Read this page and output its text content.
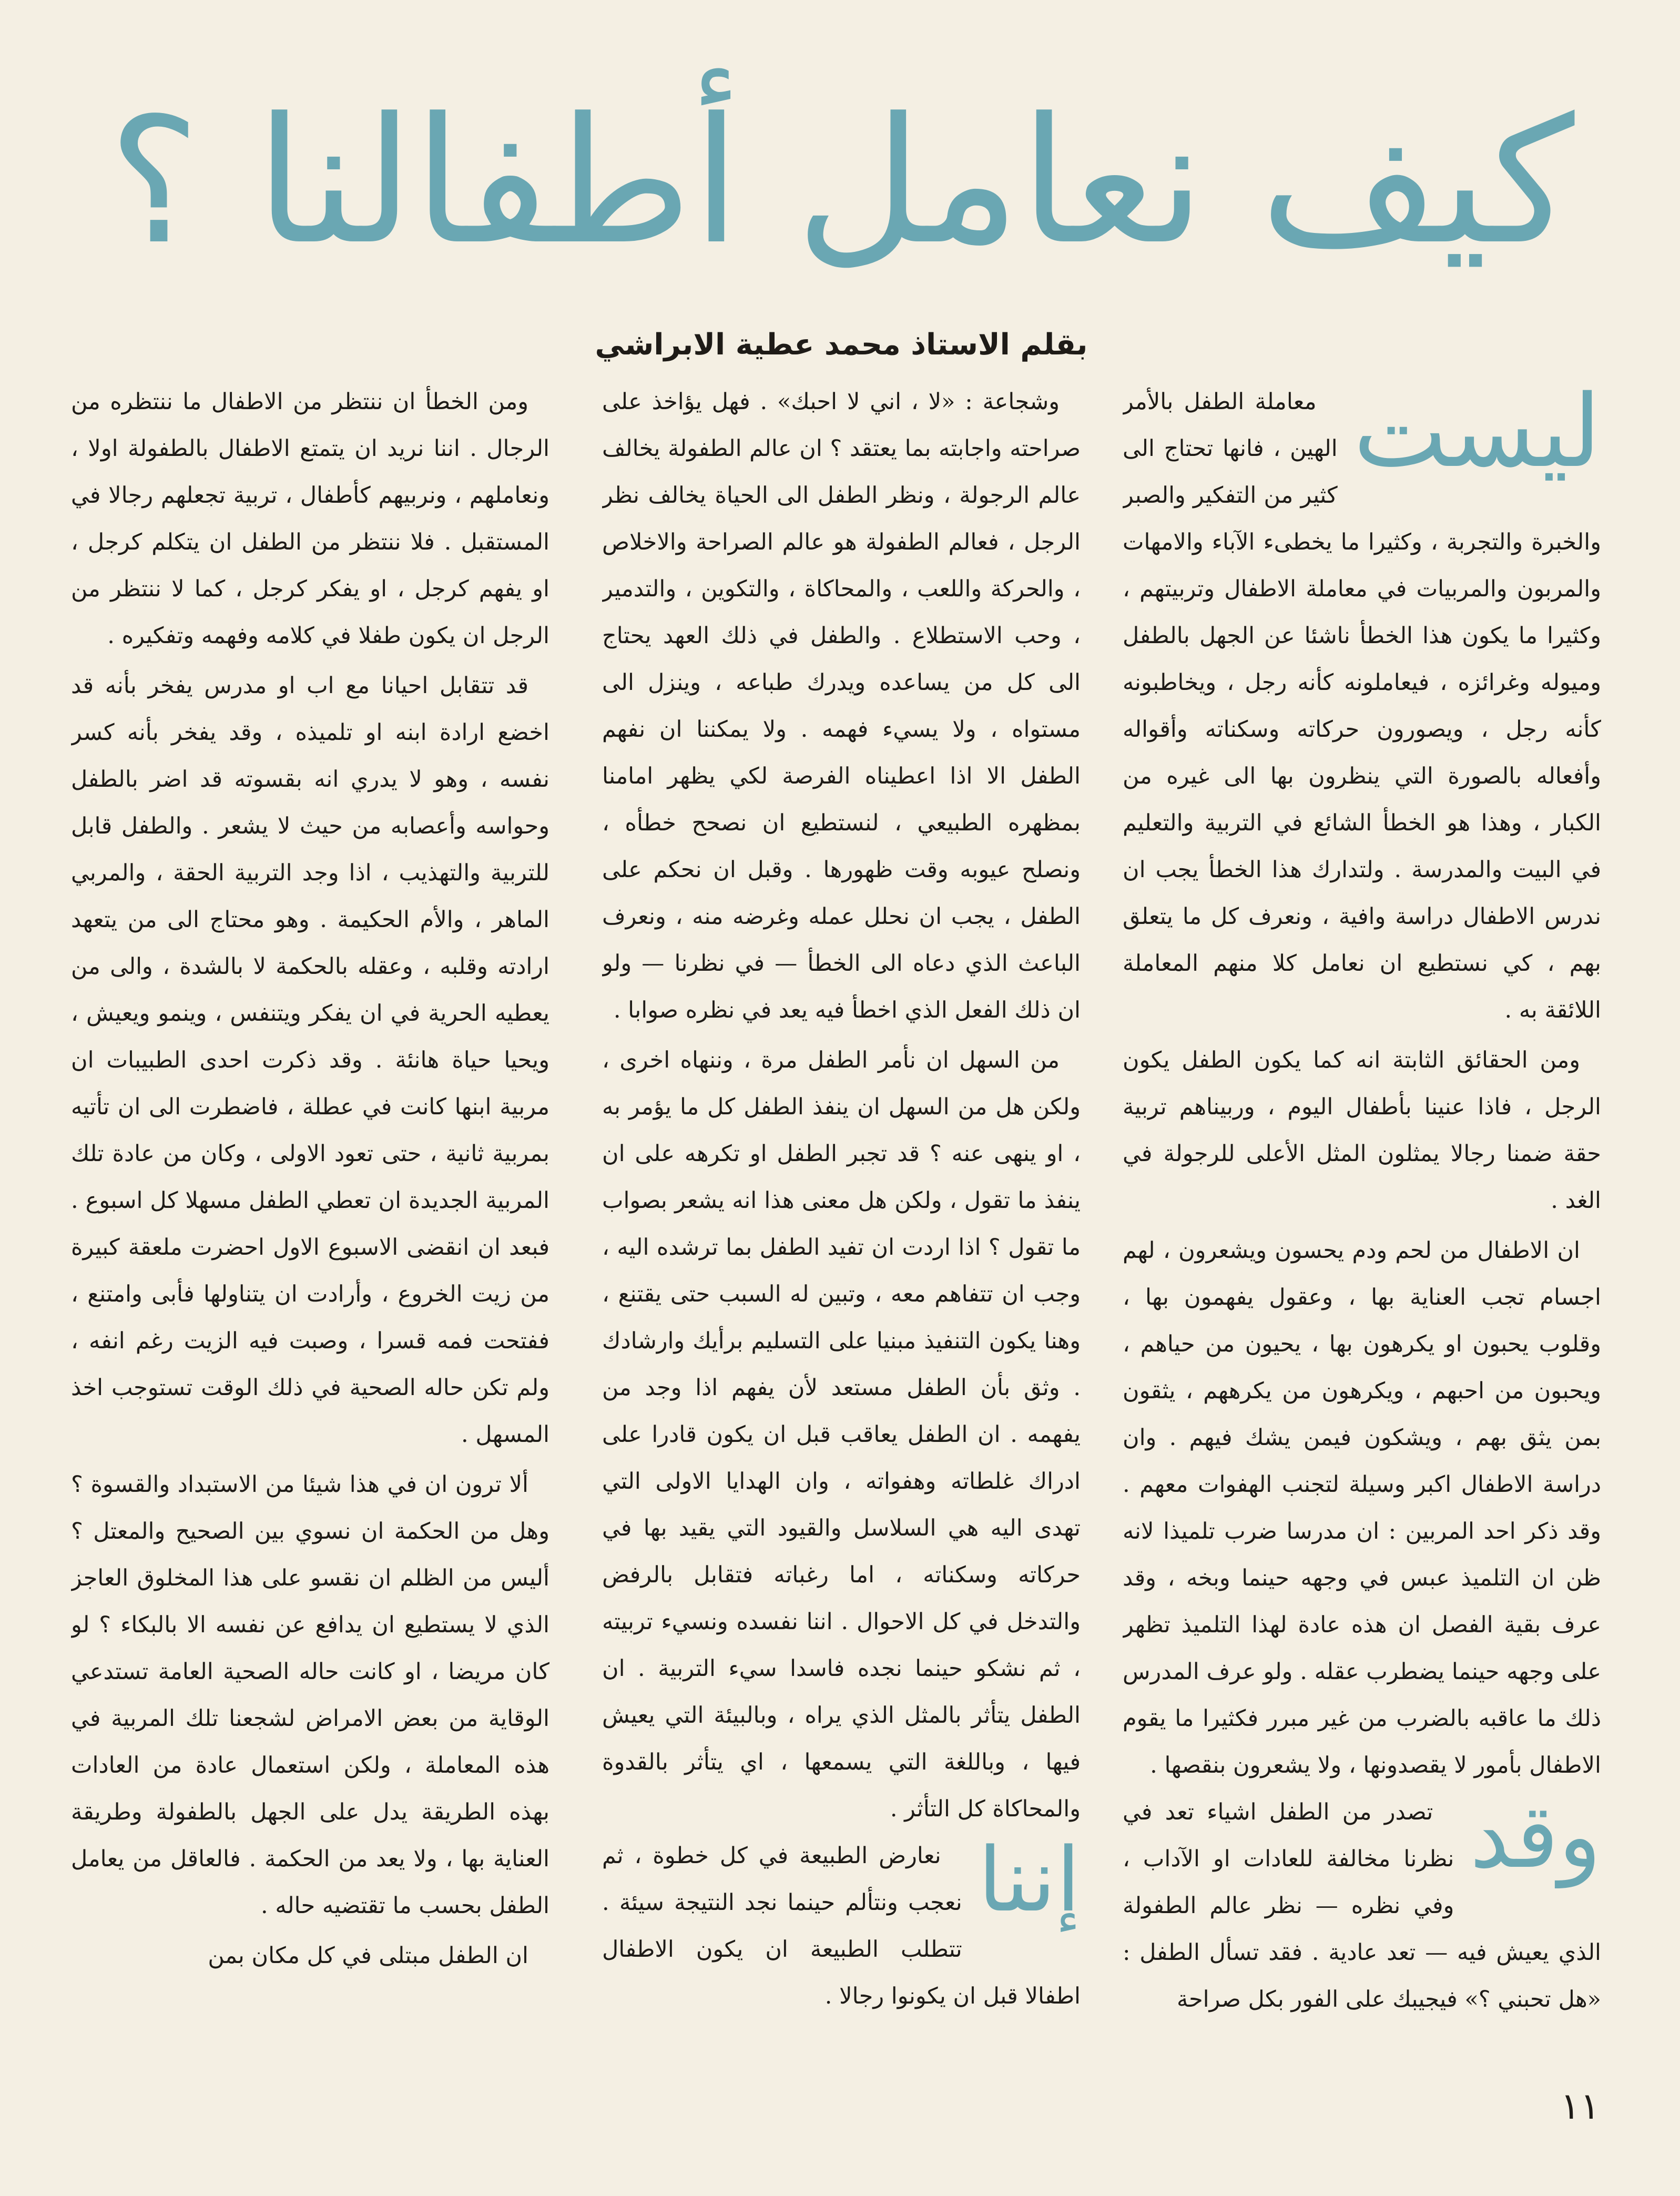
كيف نعامل أطفالنا ؟
بقلم الاستاذ محمد عطية الابراشي
ليست

معاملة الطفل بالأمر الهين ، فانها تحتاج الى كثير من التفكير والصبر والخبرة والتجربة ، وكثيرا ما يخطىء الآباء والامهات والمربون والمربيات في معاملة الاطفال وتربيتهم ، وكثيرا ما يكون هذا الخطأ ناشئا عن الجهل بالطفل وميوله وغرائزه ، فيعاملونه كأنه رجل ، ويخاطبونه كأنه رجل ، ويصورون حركاته وسكناته وأقواله وأفعاله بالصورة التي ينظرون بها الى غيره من الكبار ، وهذا هو الخطأ الشائع في التربية والتعليم في البيت والمدرسة . ولتدارك هذا الخطأ يجب ان ندرس الاطفال دراسة وافية ، ونعرف كل ما يتعلق بهم ، كي نستطيع ان نعامل كلا منهم المعاملة اللائقة به .

ومن الحقائق الثابتة انه كما يكون الطفل يكون الرجل ، فاذا عنينا بأطفال اليوم ، وربيناهم تربية حقة ضمنا رجالا يمثلون المثل الأعلى للرجولة في الغد .

ان الاطفال من لحم ودم يحسون ويشعرون ، لهم اجسام تجب العناية بها ، وعقول يفهمون بها ، وقلوب يحبون او يكرهون بها ، يحيون من حياهم ، ويحبون من احبهم ، ويكرهون من يكرههم ، يثقون بمن يثق بهم ، ويشكون فيمن يشك فيهم . وان دراسة الاطفال اكبر وسيلة لتجنب الهفوات معهم . وقد ذكر احد المربين : ان مدرسا ضرب تلميذا لانه ظن ان التلميذ عبس في وجهه حينما وبخه ، وقد عرف بقية الفصل ان هذه عادة لهذا التلميذ تظهر على وجهه حينما يضطرب عقله . ولو عرف المدرس ذلك ما عاقبه بالضرب من غير مبرر فكثيرا ما يقوم الاطفال بأمور لا يقصدونها ، ولا يشعرون بنقصها .

وقد

تصدر من الطفل اشياء تعد في نظرنا مخالفة للعادات او الآداب ، وفي نظره — نظر عالم الطفولة الذي يعيش فيه — تعد عادية . فقد تسأل الطفل : «هل تحبني ؟» فيجيبك على الفور بكل صراحة

وشجاعة : «لا ، اني لا احبك» . فهل يؤاخذ على صراحته واجابته بما يعتقد ؟ ان عالم الطفولة يخالف عالم الرجولة ، ونظر الطفل الى الحياة يخالف نظر الرجل ، فعالم الطفولة هو عالم الصراحة والاخلاص ، والحركة واللعب ، والمحاكاة ، والتكوين ، والتدمير ، وحب الاستطلاع . والطفل في ذلك العهد يحتاج الى كل من يساعده ويدرك طباعه ، وينزل الى مستواه ، ولا يسيء فهمه . ولا يمكننا ان نفهم الطفل الا اذا اعطيناه الفرصة لكي يظهر امامنا بمظهره الطبيعي ، لنستطيع ان نصحح خطأه ، ونصلح عيوبه وقت ظهورها . وقبل ان نحكم على الطفل ، يجب ان نحلل عمله وغرضه منه ، ونعرف الباعث الذي دعاه الى الخطأ — في نظرنا — ولو ان ذلك الفعل الذي اخطأ فيه يعد في نظره صوابا .

من السهل ان نأمر الطفل مرة ، وننهاه اخرى ، ولكن هل من السهل ان ينفذ الطفل كل ما يؤمر به ، او ينهى عنه ؟ قد تجبر الطفل او تكرهه على ان ينفذ ما تقول ، ولكن هل معنى هذا انه يشعر بصواب ما تقول ؟ اذا اردت ان تفيد الطفل بما ترشده اليه ، وجب ان تتفاهم معه ، وتبين له السبب حتى يقتنع ، وهنا يكون التنفيذ مبنيا على التسليم برأيك وارشادك . وثق بأن الطفل مستعد لأن يفهم اذا وجد من يفهمه . ان الطفل يعاقب قبل ان يكون قادرا على ادراك غلطاته وهفواته ، وان الهدايا الاولى التي تهدى اليه هي السلاسل والقيود التي يقيد بها في حركاته وسكناته ، اما رغباته فتقابل بالرفض والتدخل في كل الاحوال . اننا نفسده ونسيء تربيته ، ثم نشكو حينما نجده فاسدا سيء التربية . ان الطفل يتأثر بالمثل الذي يراه ، وبالبيئة التي يعيش فيها ، وباللغة التي يسمعها ، اي يتأثر بالقدوة والمحاكاة كل التأثر .

إننا

نعارض الطبيعة في كل خطوة ، ثم نعجب ونتألم حينما نجد النتيجة سيئة . تتطلب الطبيعة ان يكون الاطفال اطفالا قبل ان يكونوا رجالا .

ومن الخطأ ان ننتظر من الاطفال ما ننتظره من الرجال . اننا نريد ان يتمتع الاطفال بالطفولة اولا ، ونعاملهم ، ونربيهم كأطفال ، تربية تجعلهم رجالا في المستقبل . فلا ننتظر من الطفل ان يتكلم كرجل ، او يفهم كرجل ، او يفكر كرجل ، كما لا ننتظر من الرجل ان يكون طفلا في كلامه وفهمه وتفكيره .

قد تتقابل احيانا مع اب او مدرس يفخر بأنه قد اخضع ارادة ابنه او تلميذه ، وقد يفخر بأنه كسر نفسه ، وهو لا يدري انه بقسوته قد اضر بالطفل وحواسه وأعصابه من حيث لا يشعر . والطفل قابل للتربية والتهذيب ، اذا وجد التربية الحقة ، والمربي الماهر ، والأم الحكيمة . وهو محتاج الى من يتعهد ارادته وقلبه ، وعقله بالحكمة لا بالشدة ، والى من يعطيه الحرية في ان يفكر ويتنفس ، وينمو ويعيش ، ويحيا حياة هانئة . وقد ذكرت احدى الطبيبات ان مربية ابنها كانت في عطلة ، فاضطرت الى ان تأتيه بمربية ثانية ، حتى تعود الاولى ، وكان من عادة تلك المربية الجديدة ان تعطي الطفل مسهلا كل اسبوع . فبعد ان انقضى الاسبوع الاول احضرت ملعقة كبيرة من زيت الخروع ، وأرادت ان يتناولها فأبى وامتنع ، ففتحت فمه قسرا ، وصبت فيه الزيت رغم انفه ، ولم تكن حاله الصحية في ذلك الوقت تستوجب اخذ المسهل .

ألا ترون ان في هذا شيئا من الاستبداد والقسوة ؟ وهل من الحكمة ان نسوي بين الصحيح والمعتل ؟ أليس من الظلم ان نقسو على هذا المخلوق العاجز الذي لا يستطيع ان يدافع عن نفسه الا بالبكاء ؟ لو كان مريضا ، او كانت حاله الصحية العامة تستدعي الوقاية من بعض الامراض لشجعنا تلك المربية في هذه المعاملة ، ولكن استعمال عادة من العادات بهذه الطريقة يدل على الجهل بالطفولة وطريقة العناية بها ، ولا يعد من الحكمة . فالعاقل من يعامل الطفل بحسب ما تقتضيه حاله .

ان الطفل مبتلى في كل مكان بمن

١١
